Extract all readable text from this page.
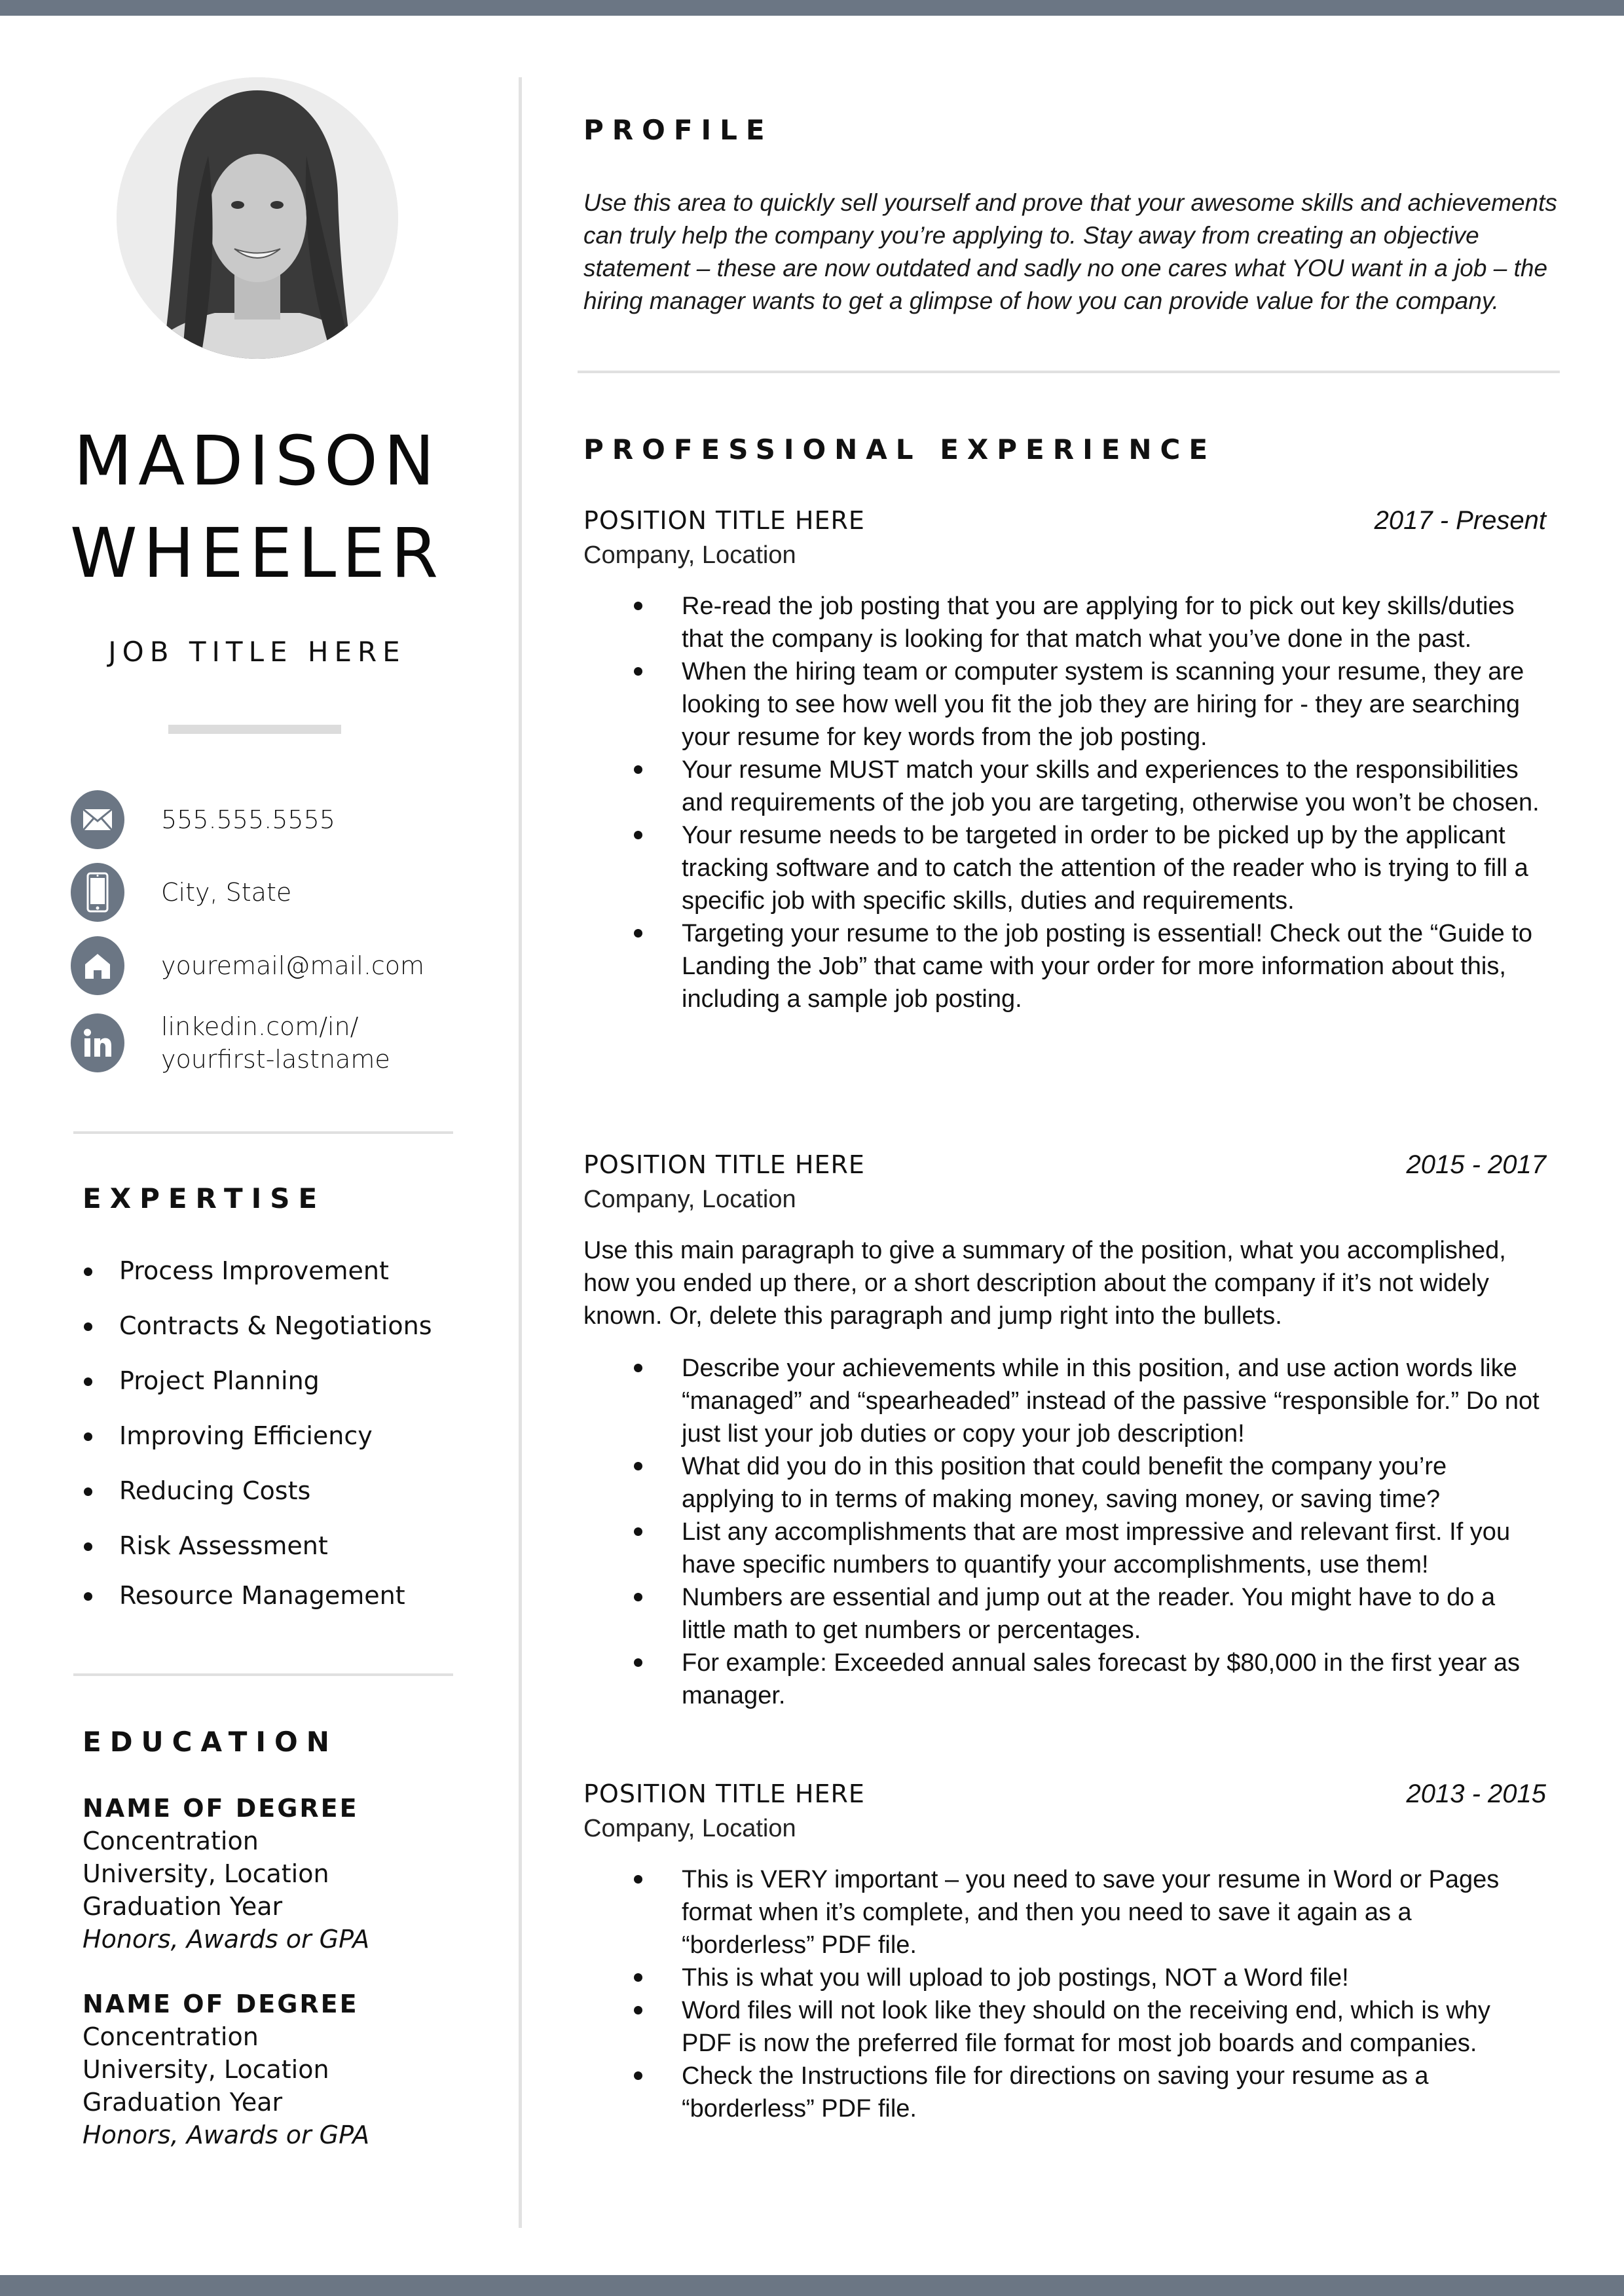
MADISON
WHEELER
JOB TITLE HERE
555.555.5555
City, State
youremail@mail.com
linkedin.com/in/
yourfirst-lastname
EXPERTISE
Process Improvement
Contracts & Negotiations
Project Planning
Improving Efficiency
Reducing Costs
Risk Assessment
Resource Management
EDUCATION
NAME OF DEGREE
Concentration
University, Location
Graduation Year
Honors, Awards or GPA
NAME OF DEGREE
Concentration
University, Location
Graduation Year
Honors, Awards or GPA
PROFILE
Use this area to quickly sell yourself and prove that your awesome skills and achievements can truly help the company you’re applying to. Stay away from creating an objective statement – these are now outdated and sadly no one cares what YOU want in a job – the hiring manager wants to get a glimpse of how you can provide value for the company.
PROFESSIONAL EXPERIENCE
POSITION TITLE HERE	2017 - Present
Company, Location
Re-read the job posting that you are applying for to pick out key skills/duties that the company is looking for that match what you’ve done in the past.
When the hiring team or computer system is scanning your resume, they are looking to see how well you fit the job they are hiring for - they are searching your resume for key words from the job posting.
Your resume MUST match your skills and experiences to the responsibilities and requirements of the job you are targeting, otherwise you won’t be chosen.
Your resume needs to be targeted in order to be picked up by the applicant tracking software and to catch the attention of the reader who is trying to fill a specific job with specific skills, duties and requirements.
Targeting your resume to the job posting is essential! Check out the “Guide to Landing the Job” that came with your order for more information about this, including a sample job posting.
POSITION TITLE HERE	2015 - 2017
Company, Location
Use this main paragraph to give a summary of the position, what you accomplished, how you ended up there, or a short description about the company if it’s not widely known. Or, delete this paragraph and jump right into the bullets.
Describe your achievements while in this position, and use action words like “managed” and “spearheaded” instead of the passive “responsible for.” Do not just list your job duties or copy your job description!
What did you do in this position that could benefit the company you’re applying to in terms of making money, saving money, or saving time?
List any accomplishments that are most impressive and relevant first. If you have specific numbers to quantify your accomplishments, use them!
Numbers are essential and jump out at the reader. You might have to do a little math to get numbers or percentages.
For example: Exceeded annual sales forecast by $80,000 in the first year as manager.
POSITION TITLE HERE	2013 - 2015
Company, Location
This is VERY important – you need to save your resume in Word or Pages format when it’s complete, and then you need to save it again as a “borderless” PDF file.
This is what you will upload to job postings, NOT a Word file!
Word files will not look like they should on the receiving end, which is why PDF is now the preferred file format for most job boards and companies.
Check the Instructions file for directions on saving your resume as a “borderless” PDF file.
